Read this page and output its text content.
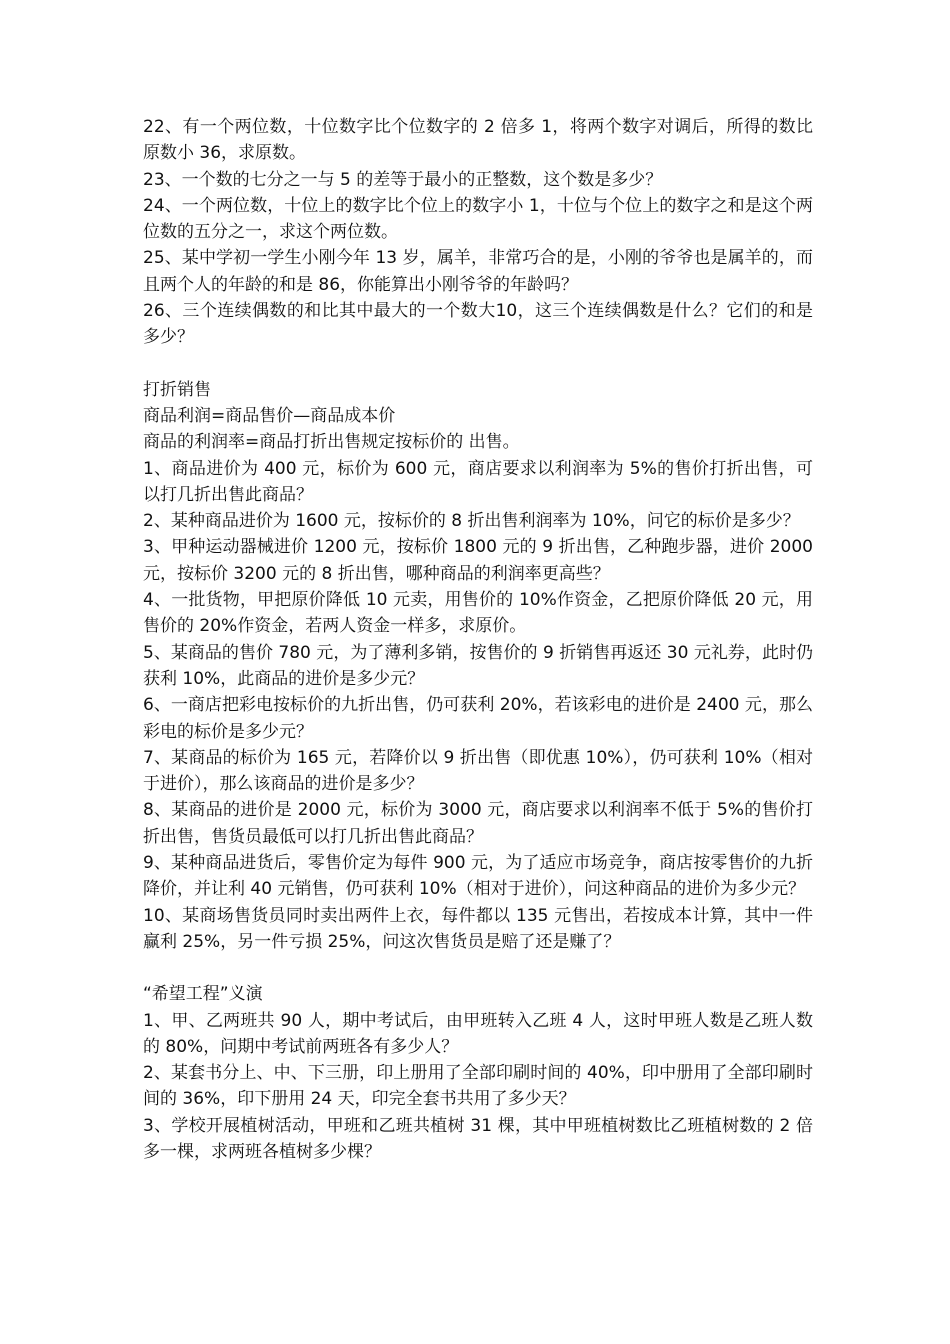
22、有一个两位数，十位数字比个位数字的 2 倍多 1，将两个数字对调后，所得的数比原数小 36，求原数。

23、一个数的七分之一与 5 的差等于最小的正整数，这个数是多少？

24、一个两位数，十位上的数字比个位上的数字小 1，十位与个位上的数字之和是这个两位数的五分之一，求这个两位数。

25、某中学初一学生小刚今年 13 岁，属羊，非常巧合的是，小刚的爷爷也是属羊的，而且两个人的年龄的和是 86，你能算出小刚爷爷的年龄吗？

26、三个连续偶数的和比其中最大的一个数大10，这三个连续偶数是什么？它们的和是多少？

打折销售

商品利润=商品售价—商品成本价

商品的利润率=商品打折出售规定按标价的 出售。

1、商品进价为 400 元，标价为 600 元，商店要求以利润率为 5%的售价打折出售，可以打几折出售此商品？

2、某种商品进价为 1600 元，按标价的 8 折出售利润率为 10%，问它的标价是多少？

3、甲种运动器械进价 1200 元，按标价 1800 元的 9 折出售，乙种跑步器，进价 2000 元，按标价 3200 元的 8 折出售，哪种商品的利润率更高些？

4、一批货物，甲把原价降低 10 元卖，用售价的 10%作资金，乙把原价降低 20 元，用售价的 20%作资金，若两人资金一样多，求原价。

5、某商品的售价 780 元，为了薄利多销，按售价的 9 折销售再返还 30 元礼券，此时仍获利 10%，此商品的进价是多少元？

6、一商店把彩电按标价的九折出售，仍可获利 20%，若该彩电的进价是 2400 元，那么彩电的标价是多少元？

7、某商品的标价为 165 元，若降价以 9 折出售（即优惠 10%），仍可获利 10%（相对于进价），那么该商品的进价是多少？

8、某商品的进价是 2000 元，标价为 3000 元，商店要求以利润率不低于 5%的售价打折出售，售货员最低可以打几折出售此商品？

9、某种商品进货后，零售价定为每件 900 元，为了适应市场竞争，商店按零售价的九折降价，并让利 40 元销售，仍可获利 10%（相对于进价），问这种商品的进价为多少元？

10、某商场售货员同时卖出两件上衣，每件都以 135 元售出，若按成本计算，其中一件赢利 25%，另一件亏损 25%，问这次售货员是赔了还是赚了？

“希望工程”义演

1、甲、乙两班共 90 人，期中考试后，由甲班转入乙班 4 人，这时甲班人数是乙班人数的 80%，问期中考试前两班各有多少人？

2、某套书分上、中、下三册，印上册用了全部印刷时间的 40%，印中册用了全部印刷时间的 36%，印下册用 24 天，印完全套书共用了多少天？

3、学校开展植树活动，甲班和乙班共植树 31 棵，其中甲班植树数比乙班植树数的 2 倍多一棵，求两班各植树多少棵？
